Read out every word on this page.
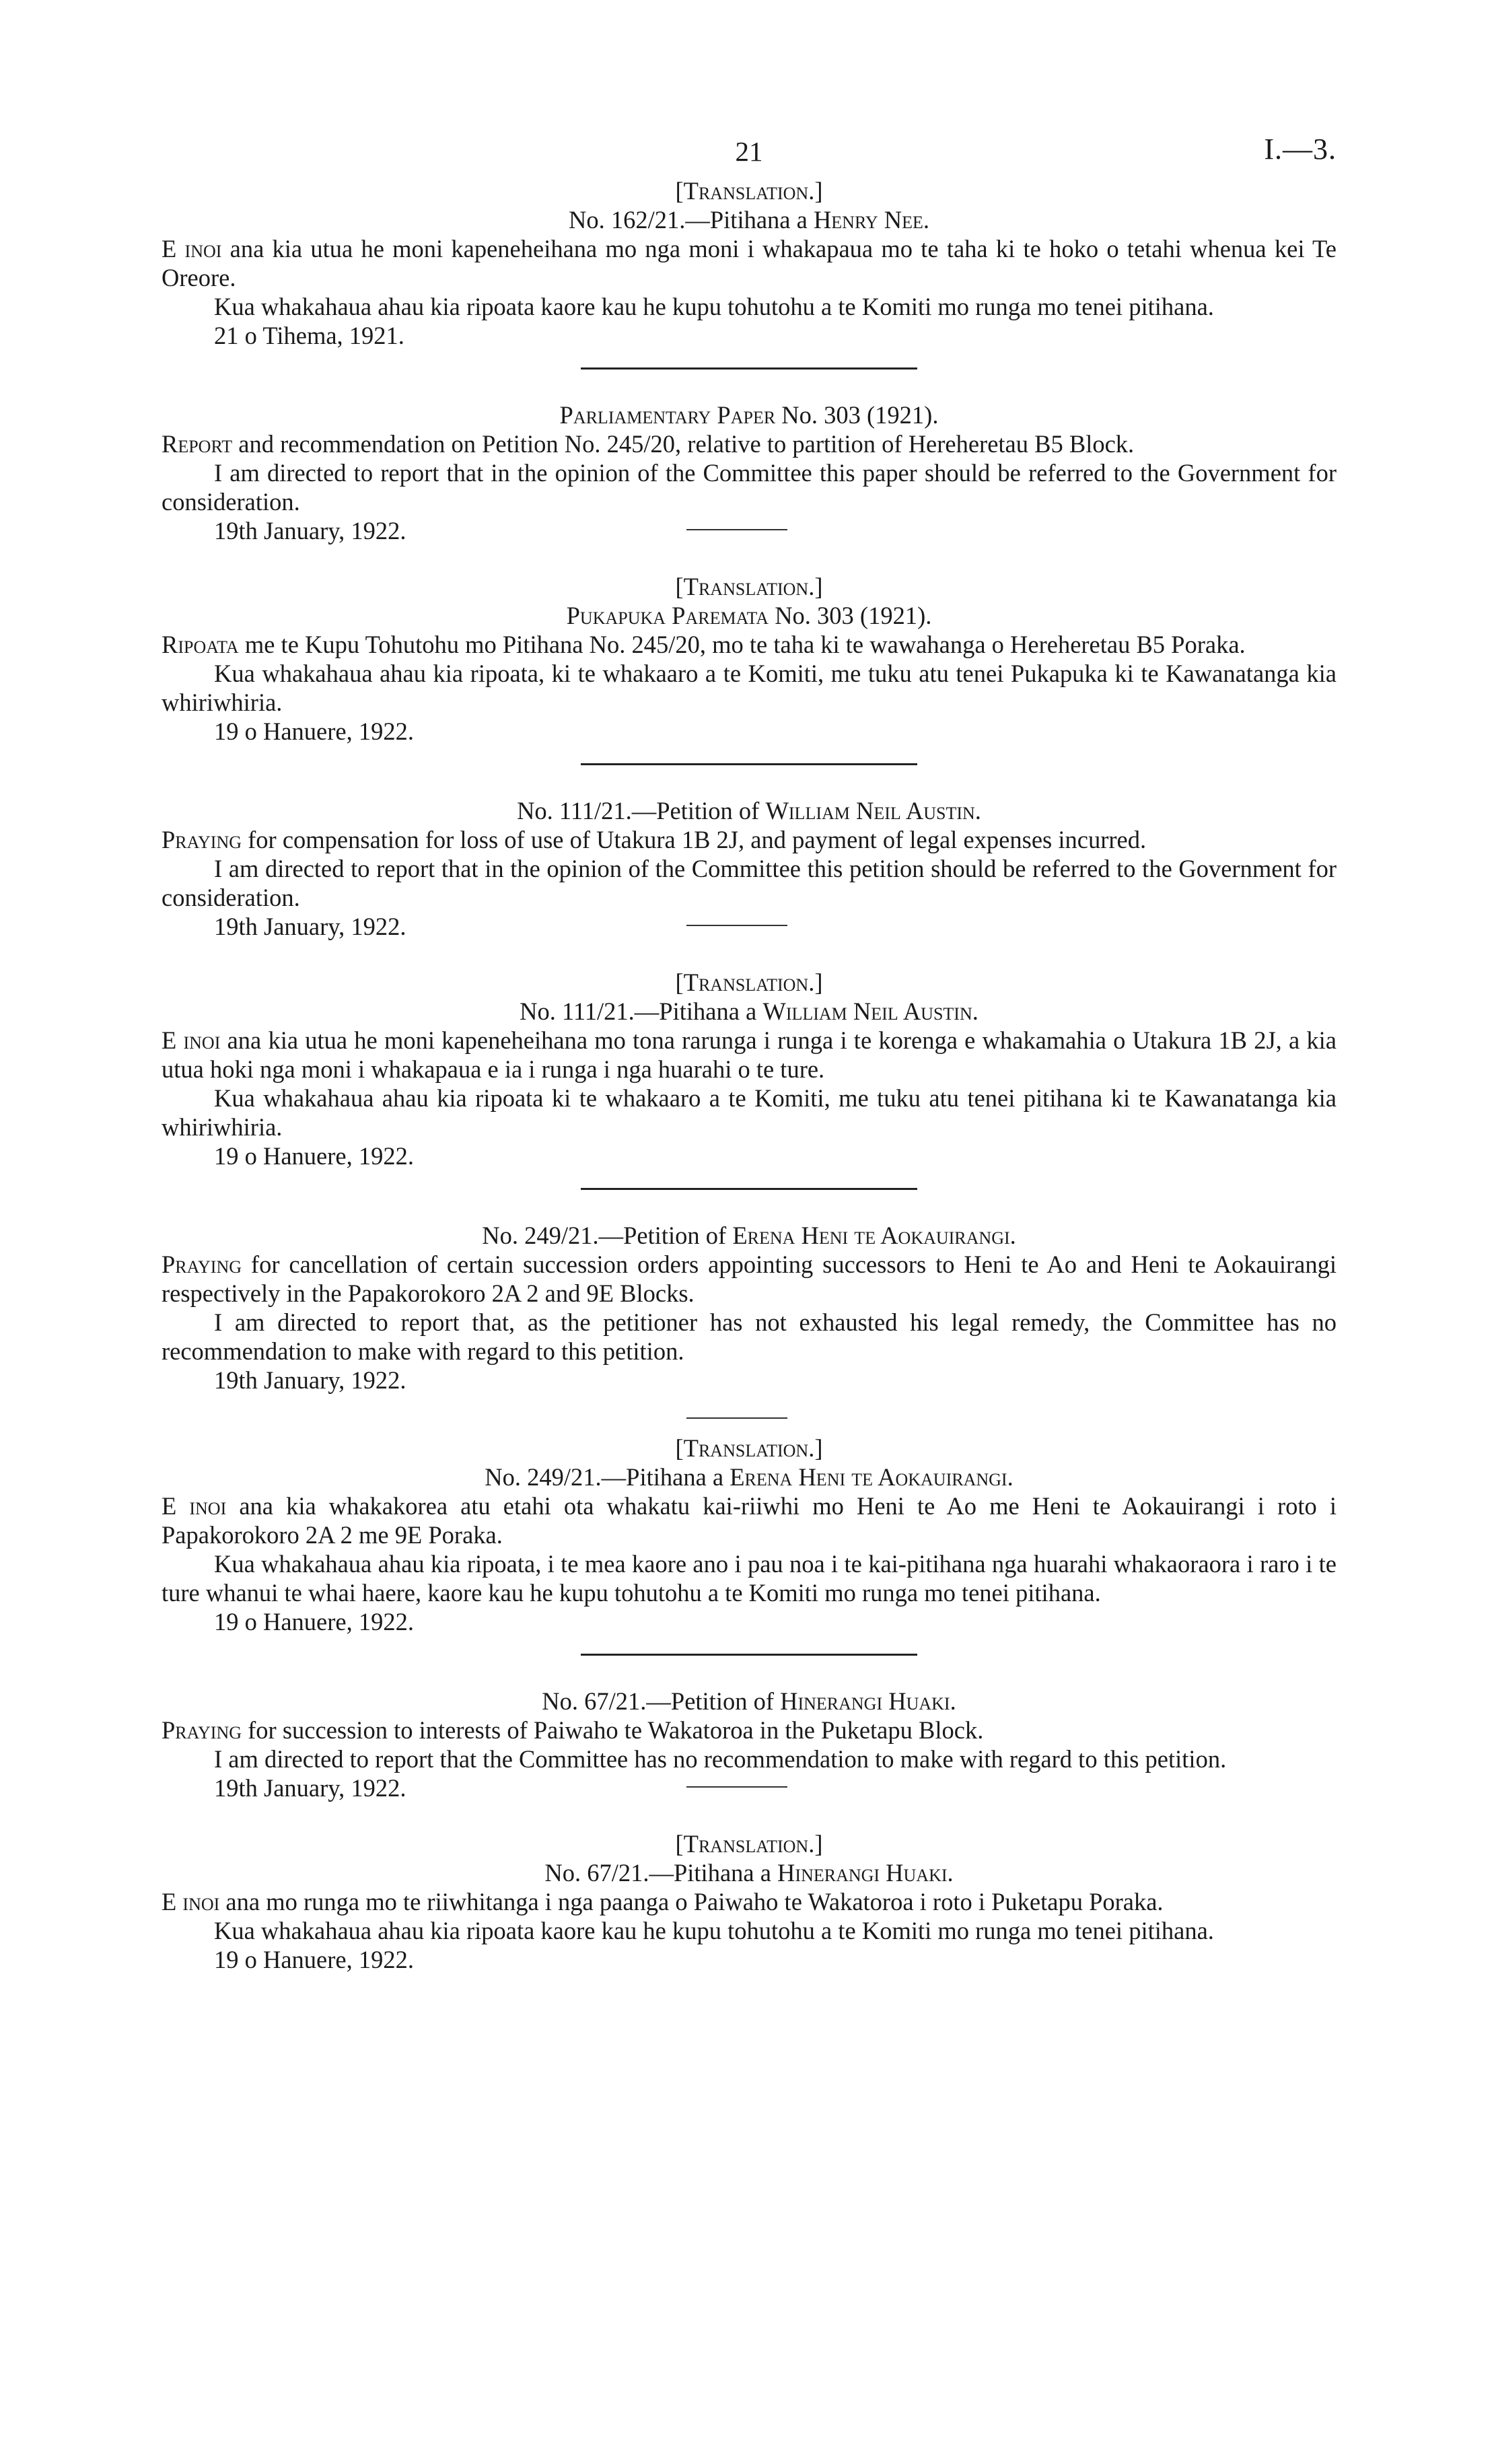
21	I.—3.
[Translation.]
No. 162/21.—Pitihana a Henry Nee.

E inoi ana kia utua he moni kapeneheihana mo nga moni i whakapaua mo te taha ki te hoko o tetahi whenua kei Te Oreore.

Kua whakahaua ahau kia ripoata kaore kau he kupu tohutohu a te Komiti mo runga mo tenei pitihana.

21 o Tihema, 1921.
Parliamentary Paper No. 303 (1921).

Report and recommendation on Petition No. 245/20, relative to partition of Hereheretau B5 Block.

I am directed to report that in the opinion of the Committee this paper should be referred to the Government for consideration.

19th January, 1922.
[Translation.]
Pukapuka Paremata No. 303 (1921).

Ripoata me te Kupu Tohutohu mo Pitihana No. 245/20, mo te taha ki te wawahanga o Hereheretau B5 Poraka.

Kua whakahaua ahau kia ripoata, ki te whakaaro a te Komiti, me tuku atu tenei Pukapuka ki te Kawanatanga kia whiriwhiria.

19 o Hanuere, 1922.
No. 111/21.—Petition of William Neil Austin.

Praying for compensation for loss of use of Utakura 1B 2J, and payment of legal expenses incurred.

I am directed to report that in the opinion of the Committee this petition should be referred to the Government for consideration.

19th January, 1922.
[Translation.]
No. 111/21.—Pitihana a William Neil Austin.

E inoi ana kia utua he moni kapeneheihana mo tona rarunga i runga i te korenga e whakamahia o Utakura 1B 2J, a kia utua hoki nga moni i whakapaua e ia i runga i nga huarahi o te ture.

Kua whakahaua ahau kia ripoata ki te whakaaro a te Komiti, me tuku atu tenei pitihana ki te Kawanatanga kia whiriwhiria.

19 o Hanuere, 1922.
No. 249/21.—Petition of Erena Heni te Aokauirangi.

Praying for cancellation of certain succession orders appointing successors to Heni te Ao and Heni te Aokauirangi respectively in the Papakorokoro 2A 2 and 9E Blocks.

I am directed to report that, as the petitioner has not exhausted his legal remedy, the Committee has no recommendation to make with regard to this petition.

19th January, 1922.
[Translation.]
No. 249/21.—Pitihana a Erena Heni te Aokauirangi.

E inoi ana kia whakakorea atu etahi ota whakatu kai-riiwhi mo Heni te Ao me Heni te Aokauirangi i roto i Papakorokoro 2A 2 me 9E Poraka.

Kua whakahaua ahau kia ripoata, i te mea kaore ano i pau noa i te kai-pitihana nga huarahi whakaoraora i raro i te ture whanui te whai haere, kaore kau he kupu tohutohu a te Komiti mo runga mo tenei pitihana.

19 o Hanuere, 1922.
No. 67/21.—Petition of Hinerangi Huaki.

Praying for succession to interests of Paiwaho te Wakatoroa in the Puketapu Block.

I am directed to report that the Committee has no recommendation to make with regard to this petition.

19th January, 1922.
[Translation.]
No. 67/21.—Pitihana a Hinerangi Huaki.

E inoi ana mo runga mo te riiwhitanga i nga paanga o Paiwaho te Wakatoroa i roto i Puketapu Poraka.

Kua whakahaua ahau kia ripoata kaore kau he kupu tohutohu a te Komiti mo runga mo tenei pitihana.

19 o Hanuere, 1922.
